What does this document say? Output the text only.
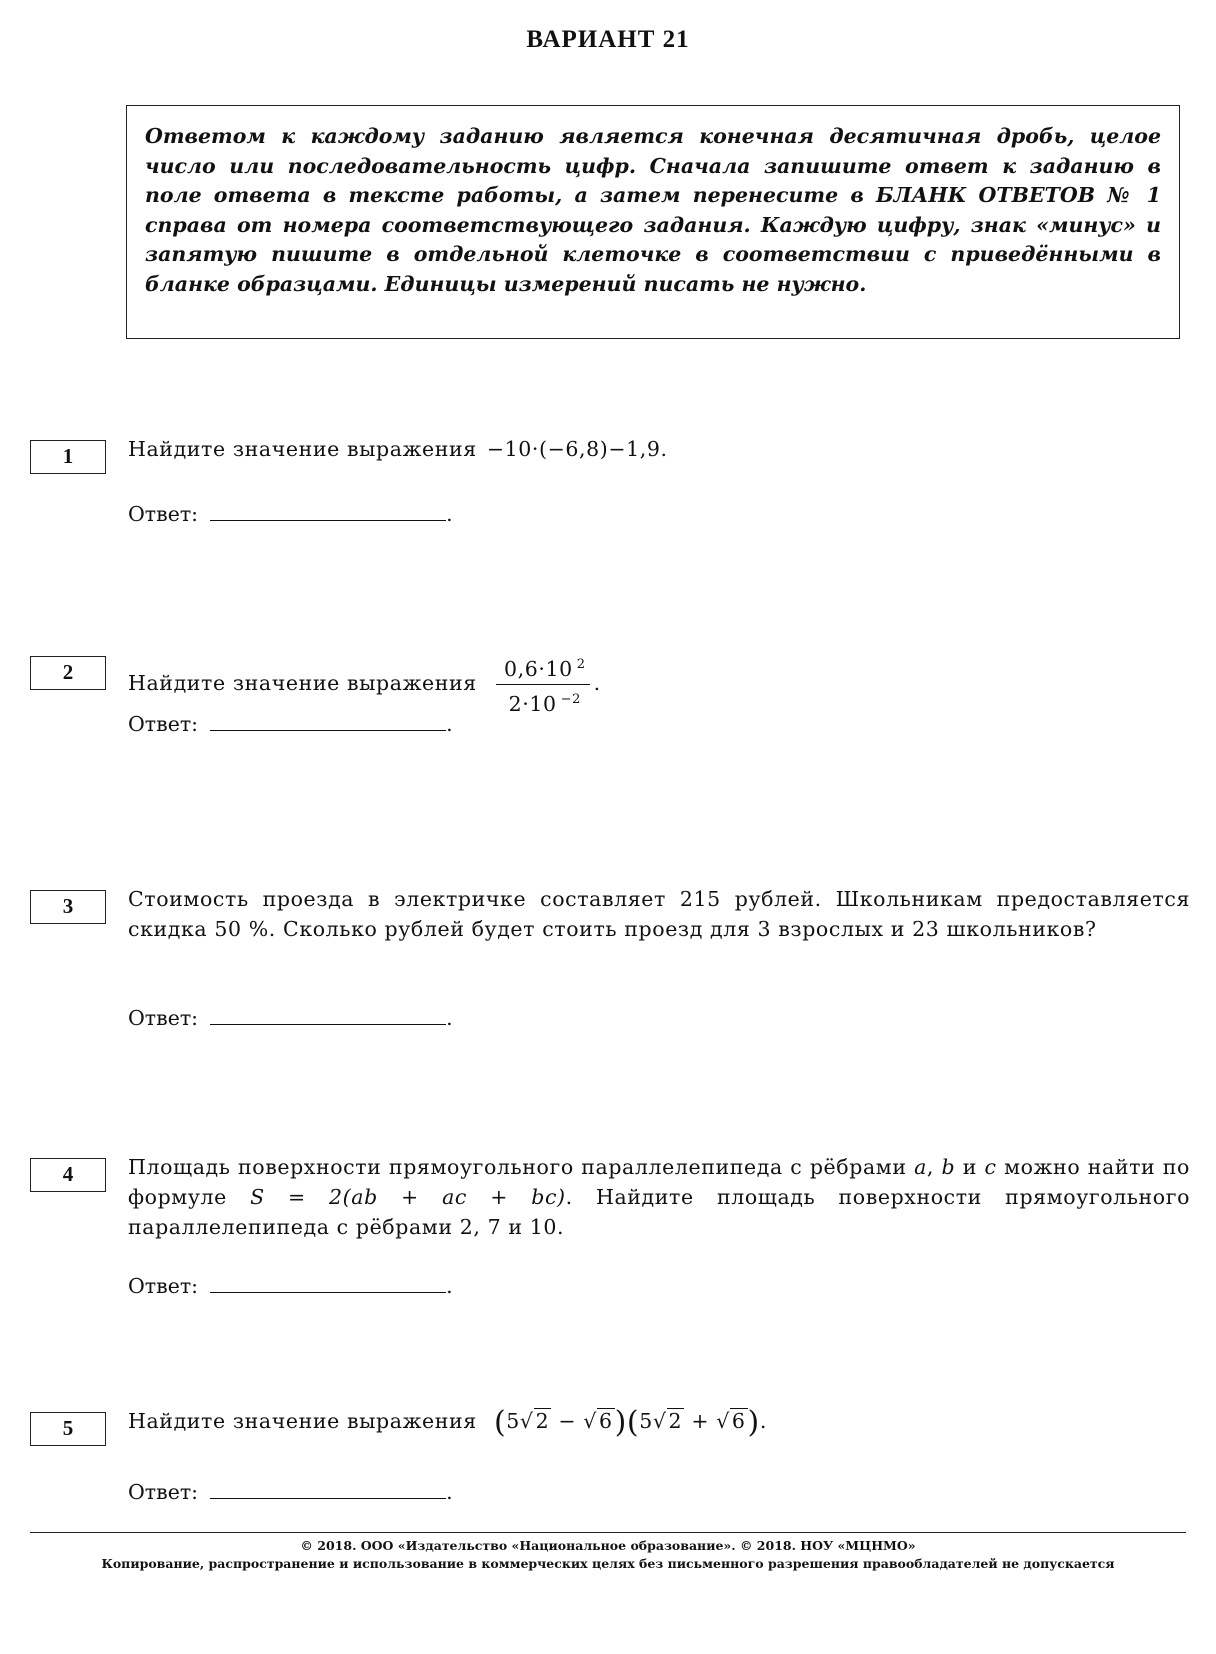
ВАРИАНТ 21

Ответом к каждому заданию является конечная десятичная дробь, целое число или последовательность цифр. Сначала запишите ответ к заданию в поле ответа в тексте работы, а затем перенесите в БЛАНК ОТВЕТОВ № 1 справа от номера соответствующего задания. Каждую цифру, знак «минус» и запятую пишите в отдельной клеточке в соответствии с приведёнными в бланке образцами. Единицы измерений писать не нужно.

1	Найдите значение выражения −10·(−6,8)−1,9.

Ответ:	.
2	Найдите значение выражения $\frac{0,6\cdot 10 ^2}{2\cdot 10 ^{-2}}$ .

Ответ:	.
3	Стоимость проезда в электричке составляет 215 рублей. Школьникам предоставляется скидка 50 %. Сколько рублей будет стоить проезд для 3 взрослых и 23 школьников?

Ответ:	.
4	Площадь поверхности прямоугольного параллелепипеда с рёбрами a, b и c можно найти по формуле S = 2(ab + ac + bc). Найдите площадь поверхности прямоугольного параллелепипеда с рёбрами 2, 7 и 10.

Ответ:	.
5	Найдите значение выражения (5√2 − √6)(5√2 + √6).

Ответ:	.
© 2018. ООО «Издательство «Национальное образование». © 2018. НОУ «МЦНМО»
Копирование, распространение и использование в коммерческих целях без письменного разрешения правообладателей не допускается
